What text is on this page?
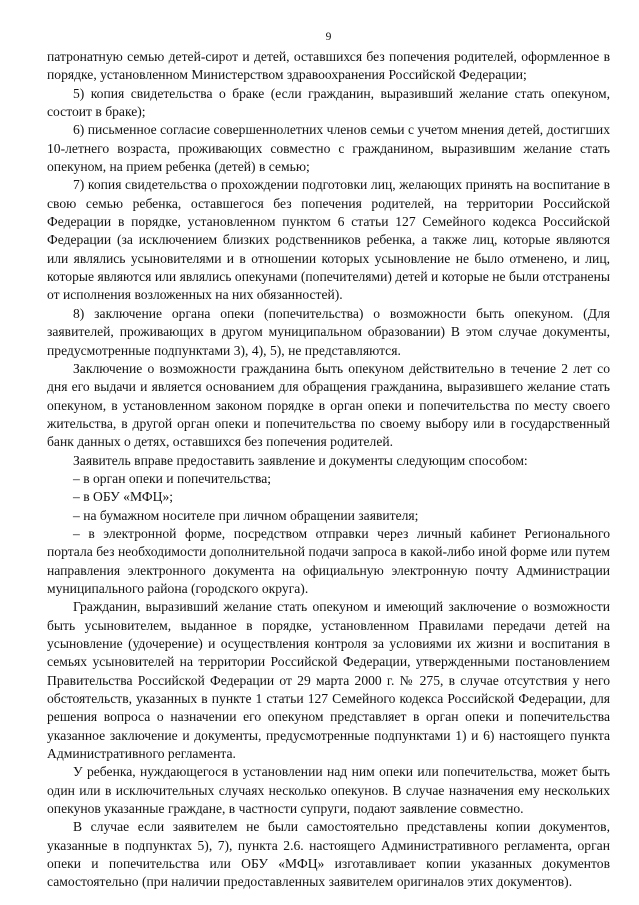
9

патронатную семью детей-сирот и детей, оставшихся без попечения родителей, оформленное в порядке, установленном Министерством здравоохранения Российской Федерации;

5) копия свидетельства о браке (если гражданин, выразивший желание стать опекуном, состоит в браке);

6) письменное согласие совершеннолетних членов семьи с учетом мнения детей, достигших 10-летнего возраста, проживающих совместно с гражданином, выразившим желание стать опекуном, на прием ребенка (детей) в семью;

7) копия свидетельства о прохождении подготовки лиц, желающих принять на воспитание в свою семью ребенка, оставшегося без попечения родителей, на территории Российской Федерации в порядке, установленном пунктом 6 статьи 127 Семейного кодекса Российской Федерации (за исключением близких родственников ребенка, а также лиц, которые являются или являлись усыновителями и в отношении которых усыновление не было отменено, и лиц, которые являются или являлись опекунами (попечителями) детей и которые не были отстранены от исполнения возложенных на них обязанностей).

8) заключение органа опеки (попечительства) о возможности быть опекуном. (Для заявителей, проживающих в другом муниципальном образовании) В этом случае документы, предусмотренные подпунктами 3), 4), 5), не представляются.

Заключение о возможности гражданина быть опекуном действительно в течение 2 лет со дня его выдачи и является основанием для обращения гражданина, выразившего желание стать опекуном, в установленном законом порядке в орган опеки и попечительства по месту своего жительства, в другой орган опеки и попечительства по своему выбору или в государственный банк данных о детях, оставшихся без попечения родителей.

Заявитель вправе предоставить заявление и документы следующим способом:

– в орган опеки и попечительства;

– в ОБУ «МФЦ»;

– на бумажном носителе при личном обращении заявителя;

– в электронной форме, посредством отправки через личный кабинет Регионального портала без необходимости дополнительной подачи запроса в какой-либо иной форме или путем направления электронного документа на официальную электронную почту Администрации муниципального района (городского округа).

Гражданин, выразивший желание стать опекуном и имеющий заключение о возможности быть усыновителем, выданное в порядке, установленном Правилами передачи детей на усыновление (удочерение) и осуществления контроля за условиями их жизни и воспитания в семьях усыновителей на территории Российской Федерации, утвержденными постановлением Правительства Российской Федерации от 29 марта 2000 г. № 275, в случае отсутствия у него обстоятельств, указанных в пункте 1 статьи 127 Семейного кодекса Российской Федерации, для решения вопроса о назначении его опекуном представляет в орган опеки и попечительства указанное заключение и документы, предусмотренные подпунктами 1) и 6) настоящего пункта Административного регламента.

У ребенка, нуждающегося в установлении над ним опеки или попечительства, может быть один или в исключительных случаях несколько опекунов. В случае назначения ему нескольких опекунов указанные граждане, в частности супруги, подают заявление совместно.

В случае если заявителем не были самостоятельно представлены копии документов, указанные в подпунктах 5), 7), пункта 2.6. настоящего Административного регламента, орган опеки и попечительства или ОБУ «МФЦ» изготавливает копии указанных документов самостоятельно (при наличии предоставленных заявителем оригиналов этих документов).
